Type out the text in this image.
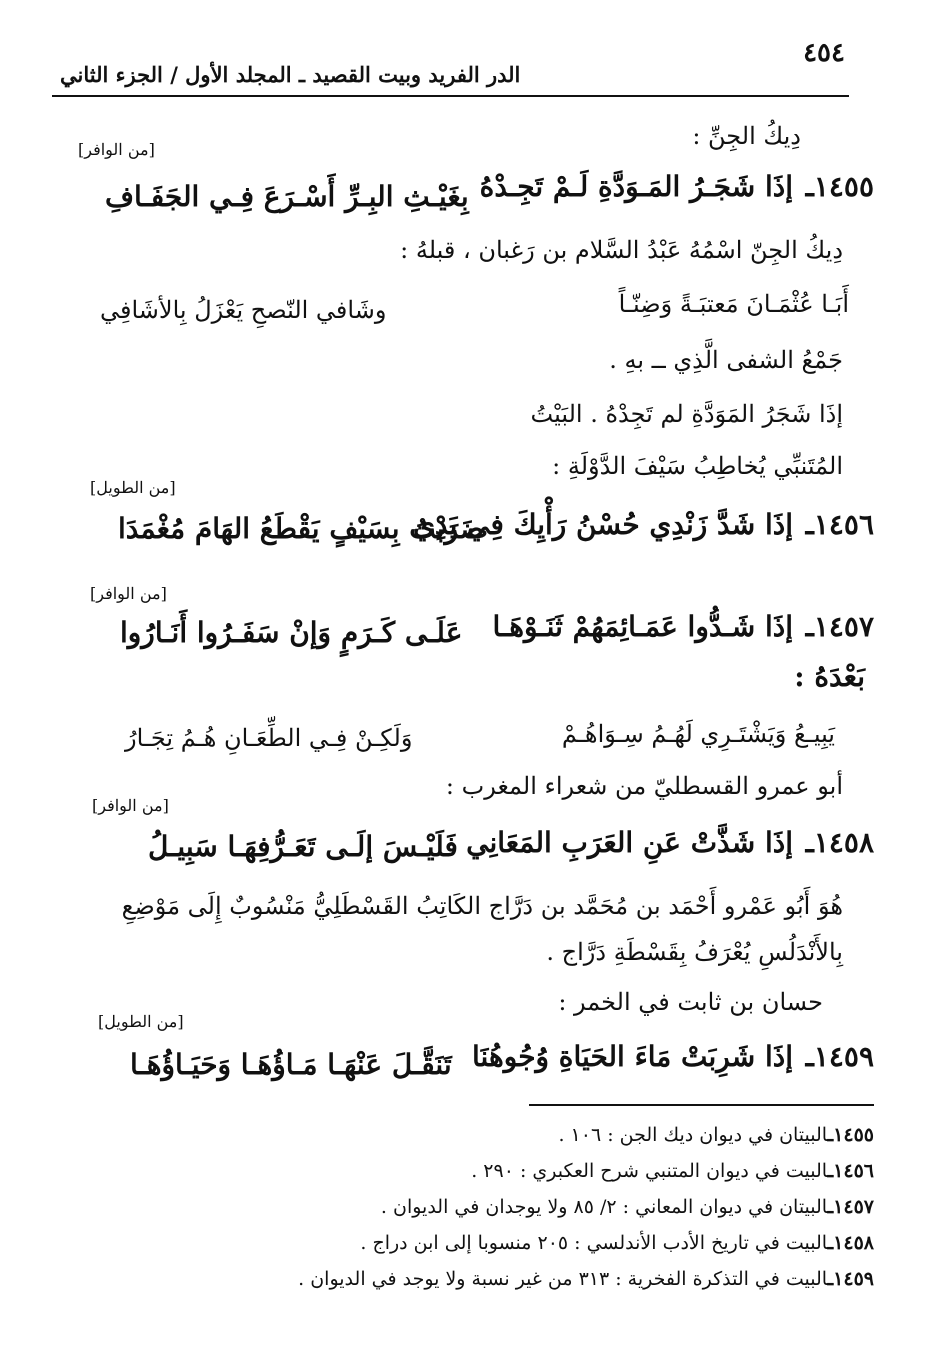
٤٥٤
الدر الفريد وبيت القصيد ـ المجلد الأول / الجزء الثاني
دِيكُ الجِنِّ :
[من الوافر]
١٤٥٥ـ
إذَا شَجَـرُ المَـوَدَّةِ لَـمْ تَجِـدْهُ
بِغَيْـثِ البِـرِّ أَسْـرَعَ فِـي الجَفَـافِ
دِيكُ الجِنّ اسْمُهُ عَبْدُ السَّلام بن رَغبان ، قبلهُ :
أَبَـا عُثْمَـانَ مَعتبَـةً وَضِنّـاً
وشَافي النّصحِ يَعْزَلُ بِالأشَافِي
جَمْعُ الشفى الَّذِي ــ بهِ .
إذَا شَجَرُ المَوَدَّةِ لم تَجِدْهُ . البَيْتُ
المُتَنبِّي يُخاطِبُ سَيْفَ الدَّوْلَةِ :
[من الطويل]
١٤٥٦ـ
إذَا شَدَّ زَنْدِي حُسْنُ رَأْيِكَ فِي يَدِي
ضَرَبْتُ بِسَيْفٍ يَقْطَعُ الهَامَ مُغْمَدَا
[من الوافر]
١٤٥٧ـ
إذَا شَـدُّوا عَمَـائِمَهُمْ ثَنَـوْهَـا
عَلَـى كَـرَمٍ وَإنْ سَفَـرُوا أَنَـارُوا
بَعْدَهُ :
يَبِيـعُ وَيَشْتَـرِي لَهُـمُ سِـوَاهُـمْ
وَلَكِـنْ فِـي الطِّعَـانِ هُـمُ تِجَـارُ
أبو عمرو القسطليّ من شعراء المغرب :
[من الوافر]
١٤٥٨ـ
إذَا شَذَّتْ عَنِ العَرَبِ المَعَانِي
فَلَيْـسَ إلَـى تَعَـرُّفِهَـا سَبِيـلُ
هُوَ أَبُو عَمْرو أَحْمَد بن مُحَمَّد بن دَرَّاج الكَاتِبُ القَسْطَلِيُّ مَنْسُوبٌ إِلَى مَوْضِعِ
بِالأَنْدَلُسِ يُعْرَفُ بِقَسْطَةِ دَرَّاج .
حسان بن ثابت في الخمر :
[من الطويل]
١٤٥٩ـ
إذَا شَرِبَتْ مَاءَ الحَيَاةِ وُجُوهُنَا
تَنَقَّـلَ عَنْهَـا مَـاؤُهَـا وَحَيَـاؤُهَـا
١٤٥٥ـالبيتان في ديوان ديك الجن : ١٠٦ .
١٤٥٦ـالبيت في ديوان المتنبي شرح العكبري : ٢٩٠ .
١٤٥٧ـالبيتان في ديوان المعاني : ٢/ ٨٥ ولا يوجدان في الديوان .
١٤٥٨ـالبيت في تاريخ الأدب الأندلسي : ٢٠٥ منسوبا إلى ابن دراج .
١٤٥٩ـالبيت في التذكرة الفخرية : ٣١٣ من غير نسبة ولا يوجد في الديوان .
